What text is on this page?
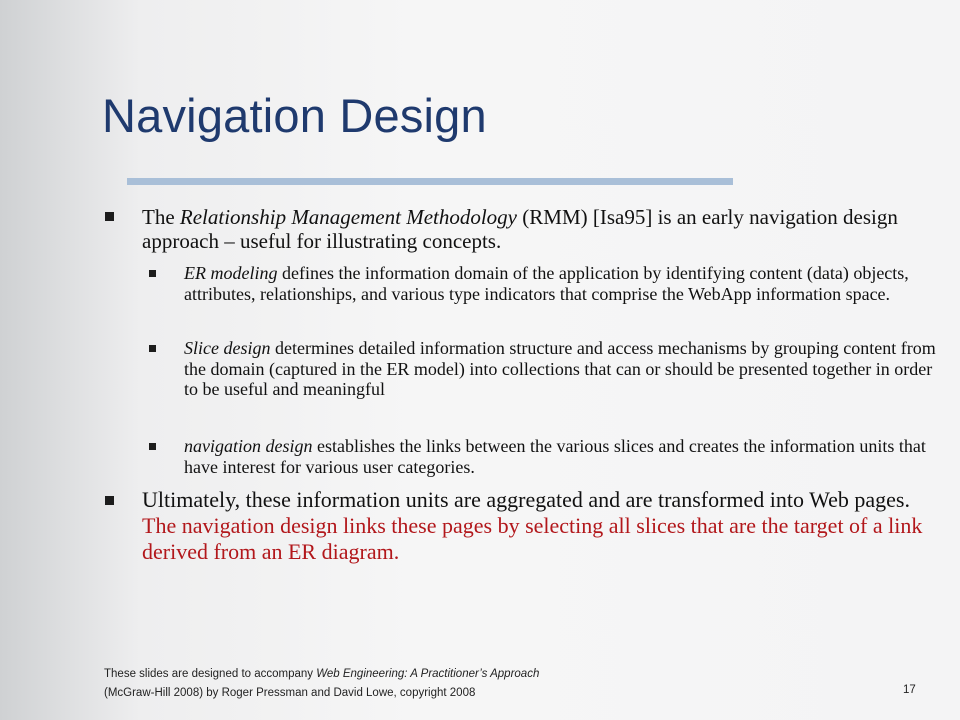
Navigation Design

The Relationship Management Methodology (RMM) [Isa95] is an early navigation design approach – useful for illustrating concepts.

ER modeling defines the information domain of the application by identifying content (data) objects, attributes, relationships, and various type indicators that comprise the WebApp information space.

Slice design determines detailed information structure and access mechanisms by grouping content from the domain (captured in the ER model) into collections that can or should be presented together in order to be useful and meaningful

navigation design establishes the links between the various slices and creates the information units that have interest for various user categories.

Ultimately, these information units are aggregated and are transformed into Web pages. The navigation design links these pages by selecting all slices that are the target of a link derived from an ER diagram.

These slides are designed to accompany Web Engineering: A Practitioner’s Approach
(McGraw-Hill 2008) by Roger Pressman and David Lowe, copyright 2008	17
